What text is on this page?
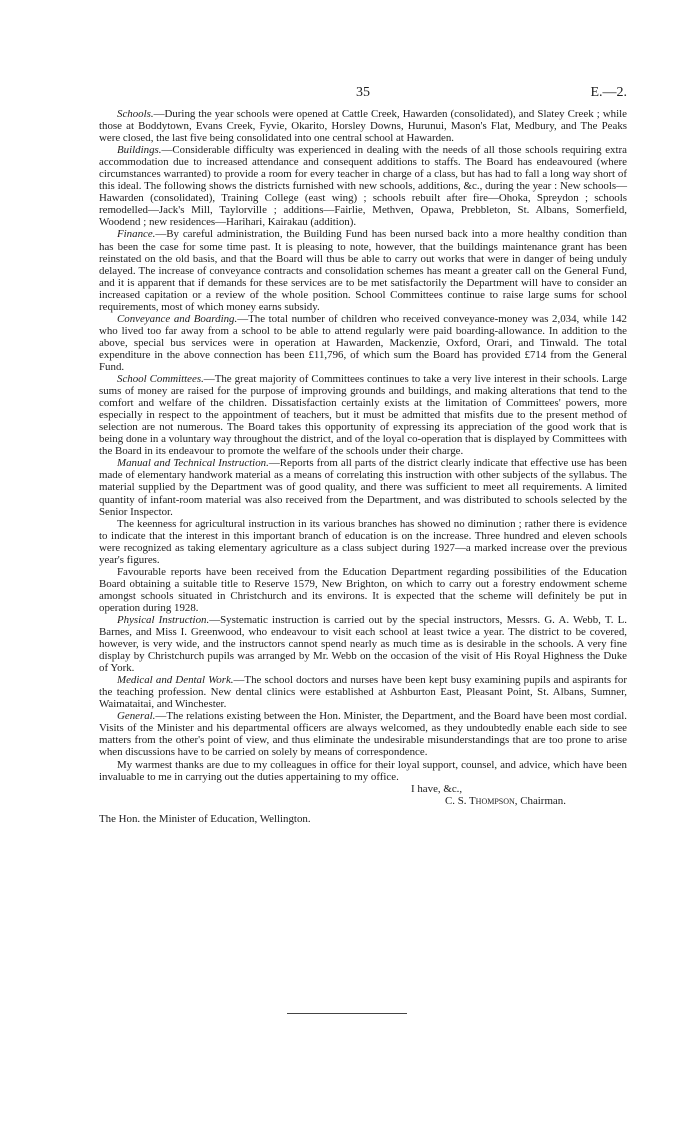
35	E.—2.

Schools.—During the year schools were opened at Cattle Creek, Hawarden (consolidated), and Slatey Creek ; while those at Boddytown, Evans Creek, Fyvie, Okarito, Horsley Downs, Hurunui, Mason's Flat, Medbury, and The Peaks were closed, the last five being consolidated into one central school at Hawarden.

Buildings.—Considerable difficulty was experienced in dealing with the needs of all those schools requiring extra accommodation due to increased attendance and consequent additions to staffs. The Board has endeavoured (where circumstances warranted) to provide a room for every teacher in charge of a class, but has had to fall a long way short of this ideal. The following shows the districts furnished with new schools, additions, &c., during the year : New schools—Hawarden (consolidated), Training College (east wing) ; schools rebuilt after fire—Ohoka, Spreydon ; schools remodelled—Jack's Mill, Taylorville ; additions—Fairlie, Methven, Opawa, Prebbleton, St. Albans, Somerfield, Woodend ; new residences—Harihari, Kairakau (addition).

Finance.—By careful administration, the Building Fund has been nursed back into a more healthy condition than has been the case for some time past. It is pleasing to note, however, that the buildings maintenance grant has been reinstated on the old basis, and that the Board will thus be able to carry out works that were in danger of being unduly delayed. The increase of conveyance contracts and consolidation schemes has meant a greater call on the General Fund, and it is apparent that if demands for these services are to be met satisfactorily the Department will have to consider an increased capitation or a review of the whole position. School Committees continue to raise large sums for school requirements, most of which money earns subsidy.

Conveyance and Boarding.—The total number of children who received conveyance-money was 2,034, while 142 who lived too far away from a school to be able to attend regularly were paid boarding-allowance. In addition to the above, special bus services were in operation at Hawarden, Mackenzie, Oxford, Orari, and Tinwald. The total expenditure in the above connection has been £11,796, of which sum the Board has provided £714 from the General Fund.

School Committees.—The great majority of Committees continues to take a very live interest in their schools. Large sums of money are raised for the purpose of improving grounds and buildings, and making alterations that tend to the comfort and welfare of the children. Dissatisfaction certainly exists at the limitation of Committees' powers, more especially in respect to the appointment of teachers, but it must be admitted that misfits due to the present method of selection are not numerous. The Board takes this opportunity of expressing its appreciation of the good work that is being done in a voluntary way throughout the district, and of the loyal co-operation that is displayed by Committees with the Board in its endeavour to promote the welfare of the schools under their charge.

Manual and Technical Instruction.—Reports from all parts of the district clearly indicate that effective use has been made of elementary handwork material as a means of correlating this instruction with other subjects of the syllabus. The material supplied by the Department was of good quality, and there was sufficient to meet all requirements. A limited quantity of infant-room material was also received from the Department, and was distributed to schools selected by the Senior Inspector.

The keenness for agricultural instruction in its various branches has showed no diminution ; rather there is evidence to indicate that the interest in this important branch of education is on the increase. Three hundred and eleven schools were recognized as taking elementary agriculture as a class subject during 1927—a marked increase over the previous year's figures.

Favourable reports have been received from the Education Department regarding possibilities of the Education Board obtaining a suitable title to Reserve 1579, New Brighton, on which to carry out a forestry endowment scheme amongst schools situated in Christchurch and its environs. It is expected that the scheme will definitely be put in operation during 1928.

Physical Instruction.—Systematic instruction is carried out by the special instructors, Messrs. G. A. Webb, T. L. Barnes, and Miss I. Greenwood, who endeavour to visit each school at least twice a year. The district to be covered, however, is very wide, and the instructors cannot spend nearly as much time as is desirable in the schools. A very fine display by Christchurch pupils was arranged by Mr. Webb on the occasion of the visit of His Royal Highness the Duke of York.

Medical and Dental Work.—The school doctors and nurses have been kept busy examining pupils and aspirants for the teaching profession. New dental clinics were established at Ashburton East, Pleasant Point, St. Albans, Sumner, Waimataitai, and Winchester.

General.—The relations existing between the Hon. Minister, the Department, and the Board have been most cordial. Visits of the Minister and his departmental officers are always welcomed, as they undoubtedly enable each side to see matters from the other's point of view, and thus eliminate the undesirable misunderstandings that are too prone to arise when discussions have to be carried on solely by means of correspondence.

My warmest thanks are due to my colleagues in office for their loyal support, counsel, and advice, which have been invaluable to me in carrying out the duties appertaining to my office.

I have, &c.,

C. S. Thompson, Chairman.

The Hon. the Minister of Education, Wellington.
